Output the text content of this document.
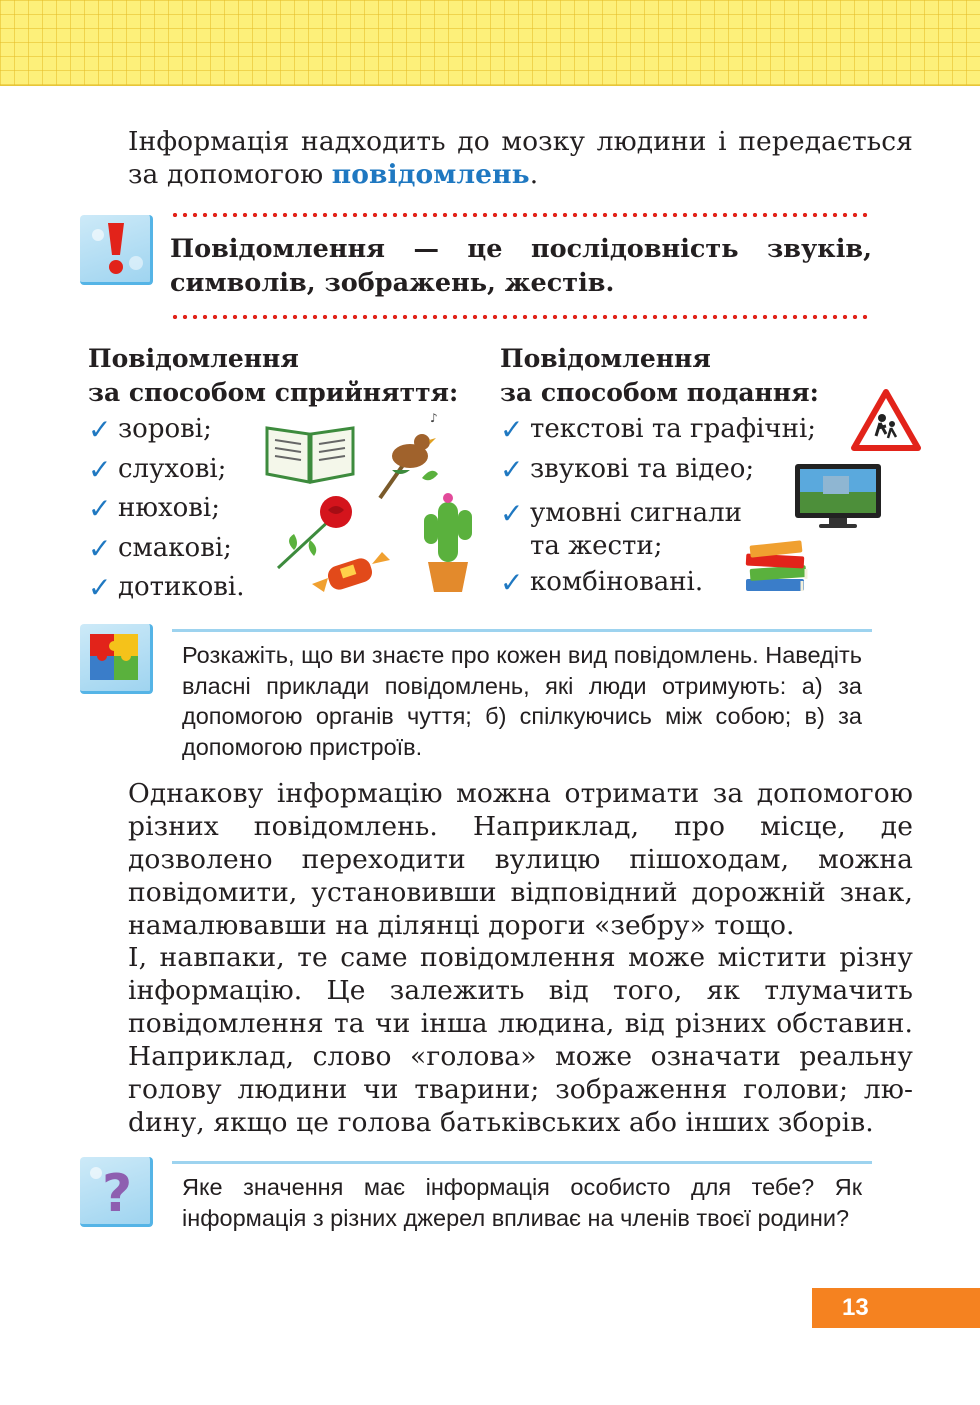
Інформація надходить до мозку людини і передається за допомогою повідомлень.

Повідомлення — це послідовність звуків, символів, зображень, жестів.

Повідомлення
за способом сприйняття:
✓ зорові;
✓ слухові;
✓ нюхові;
✓ смакові;
✓ дотикові.
♪
Повідомлення
за способом подання:
✓ текстові та графічні;
✓ звукові та відео;
✓ умовні сигнали
та жести;
✓ комбіновані.

Розкажіть, що ви знаєте про кожен вид повідомлень. Наведіть власні приклади повідомлень, які люди отримують: а) за допомогою органів чуття; б) спілкуючись між собою; в) за допомогою пристроїв.

Однакову інформацію можна отримати за допомогою різних повідомлень. Наприклад, про місце, де дозволено переходити вулицю пішоходам, можна повідомити, установивши відповідний дорожній знак, намалювавши на ділянці дороги «зебру» тощо.

І, навпаки, те саме повідомлення може містити різну інформацію. Це залежить від того, як тлумачить повідомлення та чи інша людина, від різних обставин. Наприклад, слово «голова» може означати реальну голову людини чи тварини; зображення голови; люdину, якщо це голова батьківських або інших зборів.

? Яке значення має інформація особисто для тебе? Як інформація з різних джерел впливає на членів твоєї родини?

13
